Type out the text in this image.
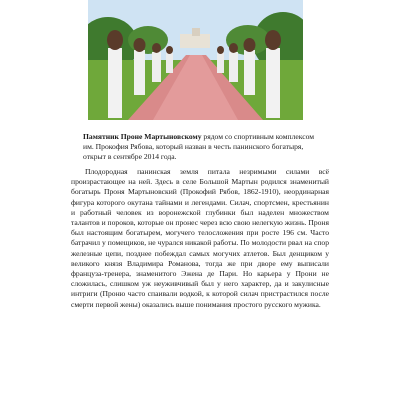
Памятник Проне Мартыновскому рядом со спортивным комплексом им. Прокофия Рябова, который назван в честь панинского богатыря, открыт в сентябре 2014 года.

Плодородная панинская земля питала незримыми силами всё произрастающее на ней. Здесь в селе Большой Мартын родился знаменитый богатырь Проня Мартыновский (Прокофий Рябов, 1862-1910), неординарная фигура которого окутана тайнами и легендами. Силач, спортсмен, крестьянин и работный человек из воронежской глубинки был наделен множеством талантов и пороков, которые он пронес через всю свою нелегкую жизнь. Проня был настоящим богатырем, могучего телосложения при росте 196 см. Часто батрачил у помещиков, не чурался никакой работы. По молодости рвал на спор железные цепи, позднее побеждал самых могучих атлетов. Был денщиком у великого князя Владимира Романова, тогда же при дворе ему выписали француза-тренера, знаменитого Эжена де Пари. Но карьера у Прони не сложилась, слишком уж неуживчивый был у него характер, да и закулисные интриги (Проню часто спаивали водкой, к которой силач пристрастился после смерти первой жены) оказались выше понимания простого русского мужика.
